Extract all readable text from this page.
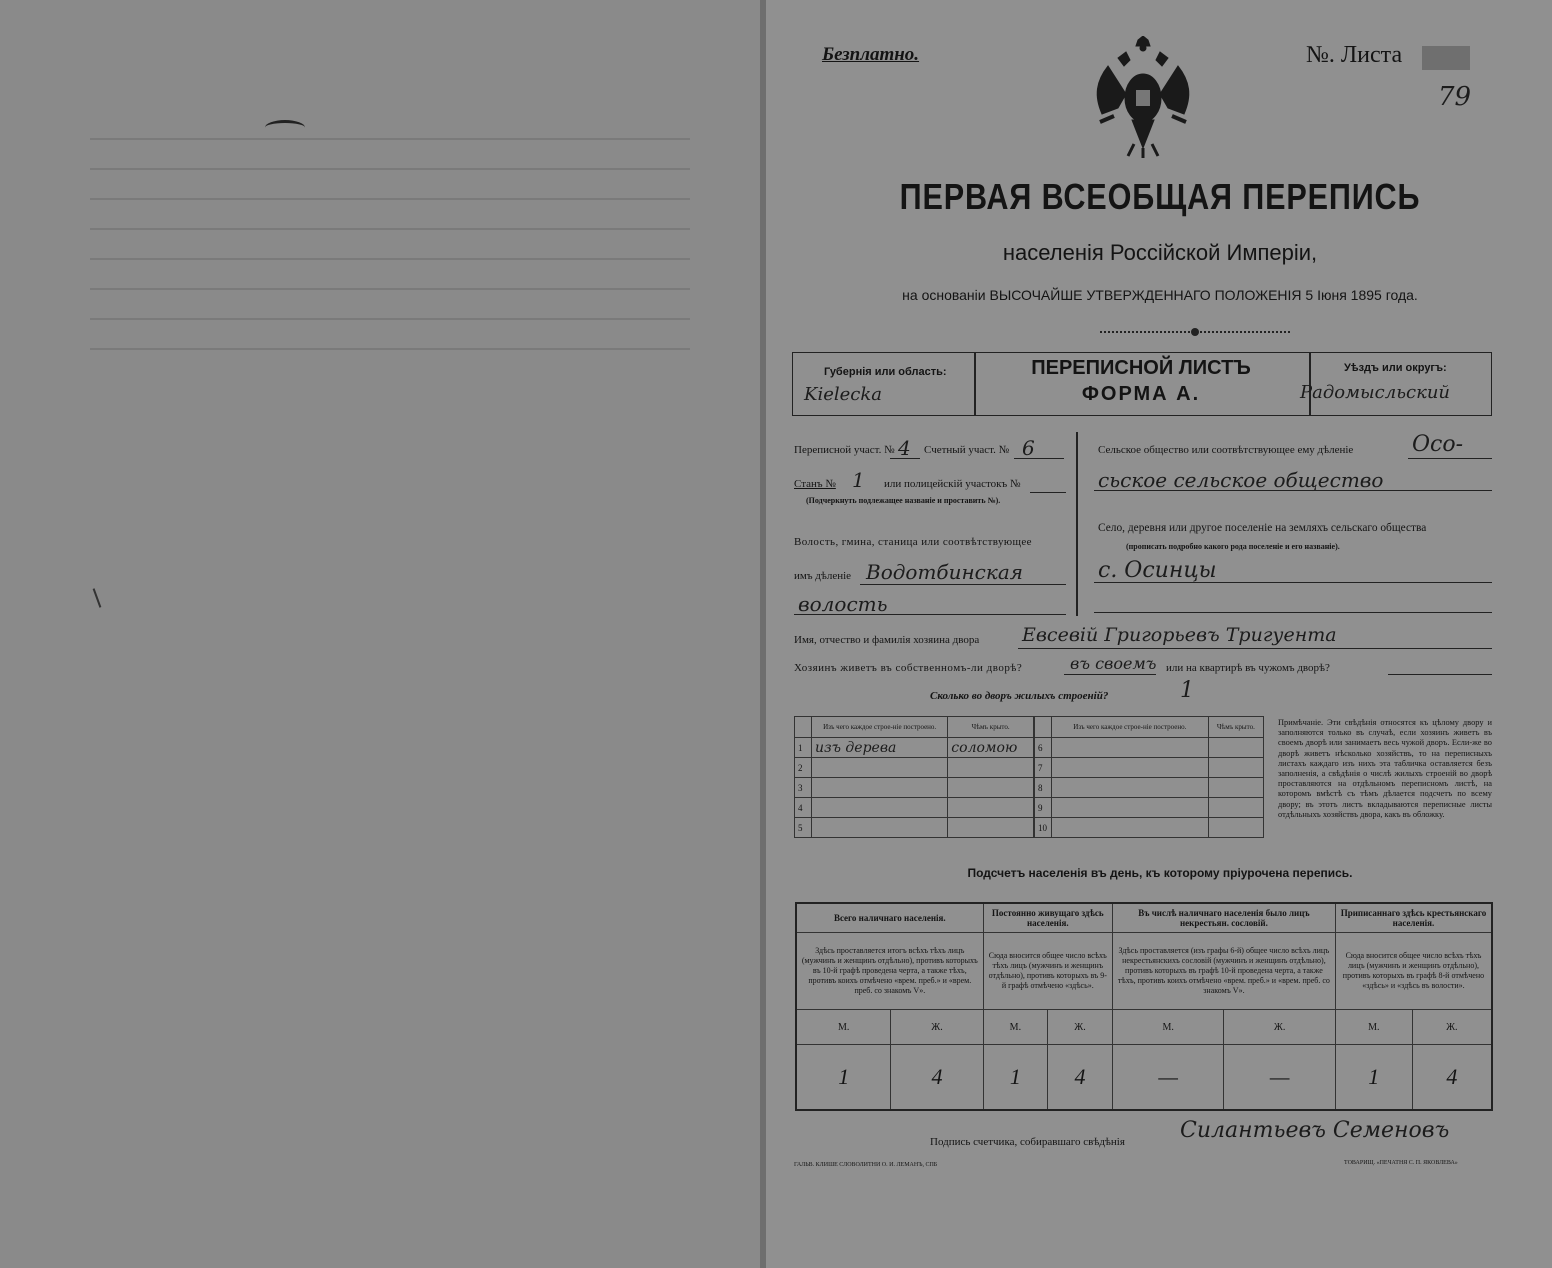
Безплатно.	№. Листа
79
ПЕРВАЯ ВСЕОБЩАЯ ПЕРЕПИСЬ
населенія Россійской Имперіи,
на основаніи ВЫСОЧАЙШЕ УТВЕРЖДЕННАГО ПОЛОЖЕНІЯ 5 Іюня 1895 года.
Губернія или область:
Kielecka
ПЕРЕПИСНОЙ ЛИСТЪ
ФОРМА А.
Уѣздъ или округъ:
Радомысльский
Переписной участ. № 4 Счетный участ. № 6
Станъ № 1 или полицейскій участокъ №
(Подчеркнуть подлежащее названіе и проставить №).
Волость, гмина, станица или соотвѣтствующее
имъ дѣленіе Водотбинская
волость
Сельское общество или соотвѣтствующее ему дѣленіе	Осо-
сьское сельское общество
Село, деревня или другое поселеніе на земляхъ сельскаго общества
(прописать подробно какого рода поселеніе и его названіе).
с. Осинцы
Имя, отчество и фамилія хозяина двора Евсевій Григорьевъ Тригуента
Хозяинъ живетъ въ собственномъ-ли дворѣ?	въ своемъ или на квартирѣ въ чужомъ дворѣ?
Сколько во дворъ жилыхъ строеній?	1
	Изъ чего каждое строе-ніе построено.	Чѣмъ крыто.
1	изъ дерева	соломою
2		
3		
4		
5		
	Изъ чего каждое строе-ніе построено.	Чѣмъ крыто.
6		
7		
8		
9		
10		
Примѣчаніе. Эти свѣдѣнія относятся къ цѣлому двору и заполняются только въ случаѣ, если хозяинъ живетъ въ своемъ дворѣ или занимаетъ весь чужой дворъ. Если-же во дворѣ живетъ нѣсколько хозяйствъ, то на переписныхъ листахъ каждаго изъ нихъ эта табличка оставляется безъ заполненія, а свѣдѣнія о числѣ жилыхъ строеній во дворѣ проставляются на отдѣльномъ переписномъ листѣ, на которомъ вмѣстѣ съ тѣмъ дѣлается подсчетъ по всему двору; въ этотъ листъ вкладываются переписные листы отдѣльныхъ хозяйствъ двора, какъ въ обложку.
Подсчетъ населенія въ день, къ которому пріурочена перепись.
Всего наличнаго населенія.		Постоянно живущаго здѣсь населенія.		Въ числѣ наличнаго населенія было лицъ некрестьян. сословій.		Приписаннаго здѣсь крестьянскаго населенія.	
Здѣсь проставляется итогъ всѣхъ тѣхъ лицъ (мужчинъ и женщинъ отдѣльно), противъ которыхъ въ 10-й графѣ проведена черта, а также тѣхъ, противъ коихъ отмѣчено «врем. преб.» и «врем. преб. со знакомъ V».		Сюда вносится общее число всѣхъ тѣхъ лицъ (мужчинъ и женщинъ отдѣльно), противъ которыхъ въ 9-й графѣ отмѣчено «здѣсь».		Здѣсь проставляется (изъ графы 6-й) общее число всѣхъ лицъ некрестьянскихъ сословій (мужчинъ и женщинъ отдѣльно), противъ которыхъ въ графѣ 10-й проведена черта, а также тѣхъ, противъ коихъ отмѣчено «врем. преб.» и «врем. преб. со знакомъ V».		Сюда вносится общее число всѣхъ тѣхъ лицъ (мужчинъ и женщинъ отдѣльно), противъ которыхъ въ графѣ 8-й отмѣчено «здѣсь» и «здѣсь въ волости».	
М.	Ж.	М.	Ж.	М.	Ж.	М.	Ж.
1	4	1	4	—	—	1	4
Подпись счетчика, собиравшаго свѣдѣнія	Силантьевъ Семеновъ
ГАЛЬВ. КЛИШЕ СЛОВОЛИТНИ О. И. ЛЕМАНЪ, СПБ	ТОВАРИЩ. «ПЕЧАТНЯ С. П. ЯКОВЛЕВА»
